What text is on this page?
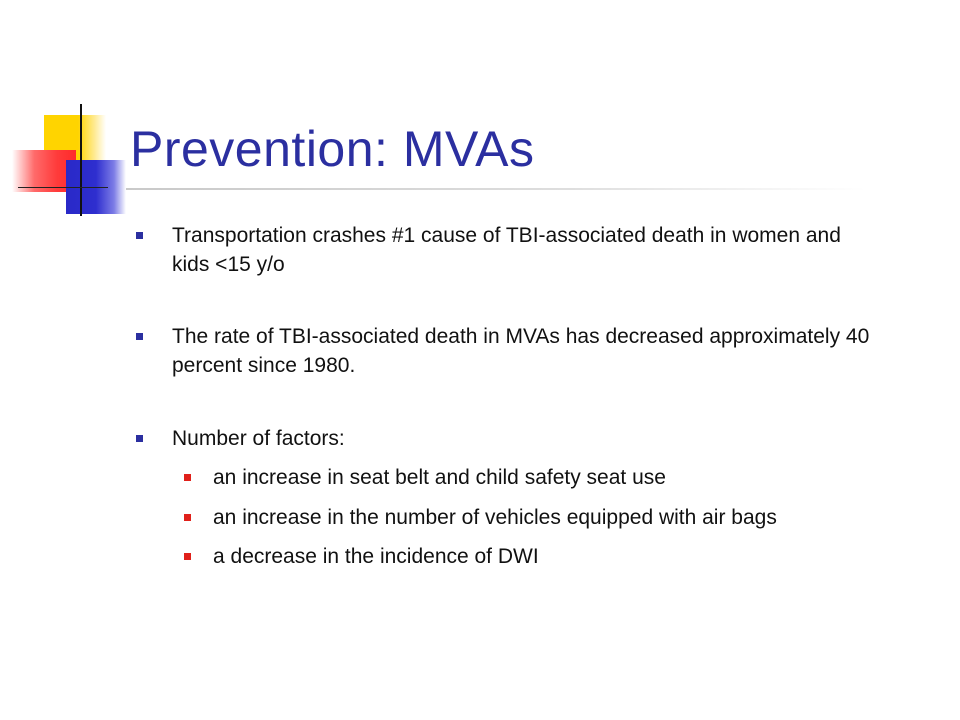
Prevention: MVAs
Transportation crashes #1 cause of TBI-associated death in women and kids <15 y/o
The rate of TBI-associated death in MVAs has decreased approximately 40 percent since 1980.
Number of factors:
an increase in seat belt and child safety seat use
an increase in the number of vehicles equipped with air bags
a decrease in the incidence of DWI
